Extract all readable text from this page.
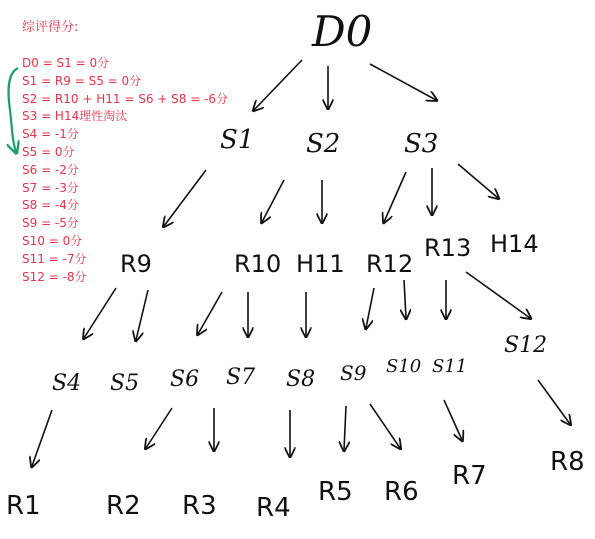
D0
S1 S2 S3
R9	R10 H11 R12
R13 H14
S4 S5 S6 S7 S8 S9 S10 S11
S12
R1	R2 R3 R4
R5 R6
R7 R8
综评得分:
D0 = S1 = 0分
S1 = R9 = S5 = 0分
S2 = R10 + H11 = S6 + S8 = -6分
S3 = H14理性淘汰
S4 = -1分
S5 = 0分
S6 = -2分
S7 = -3分
S8 = -4分
S9 = -5分
S10 = 0分
S11 = -7分
S12 = -8分
